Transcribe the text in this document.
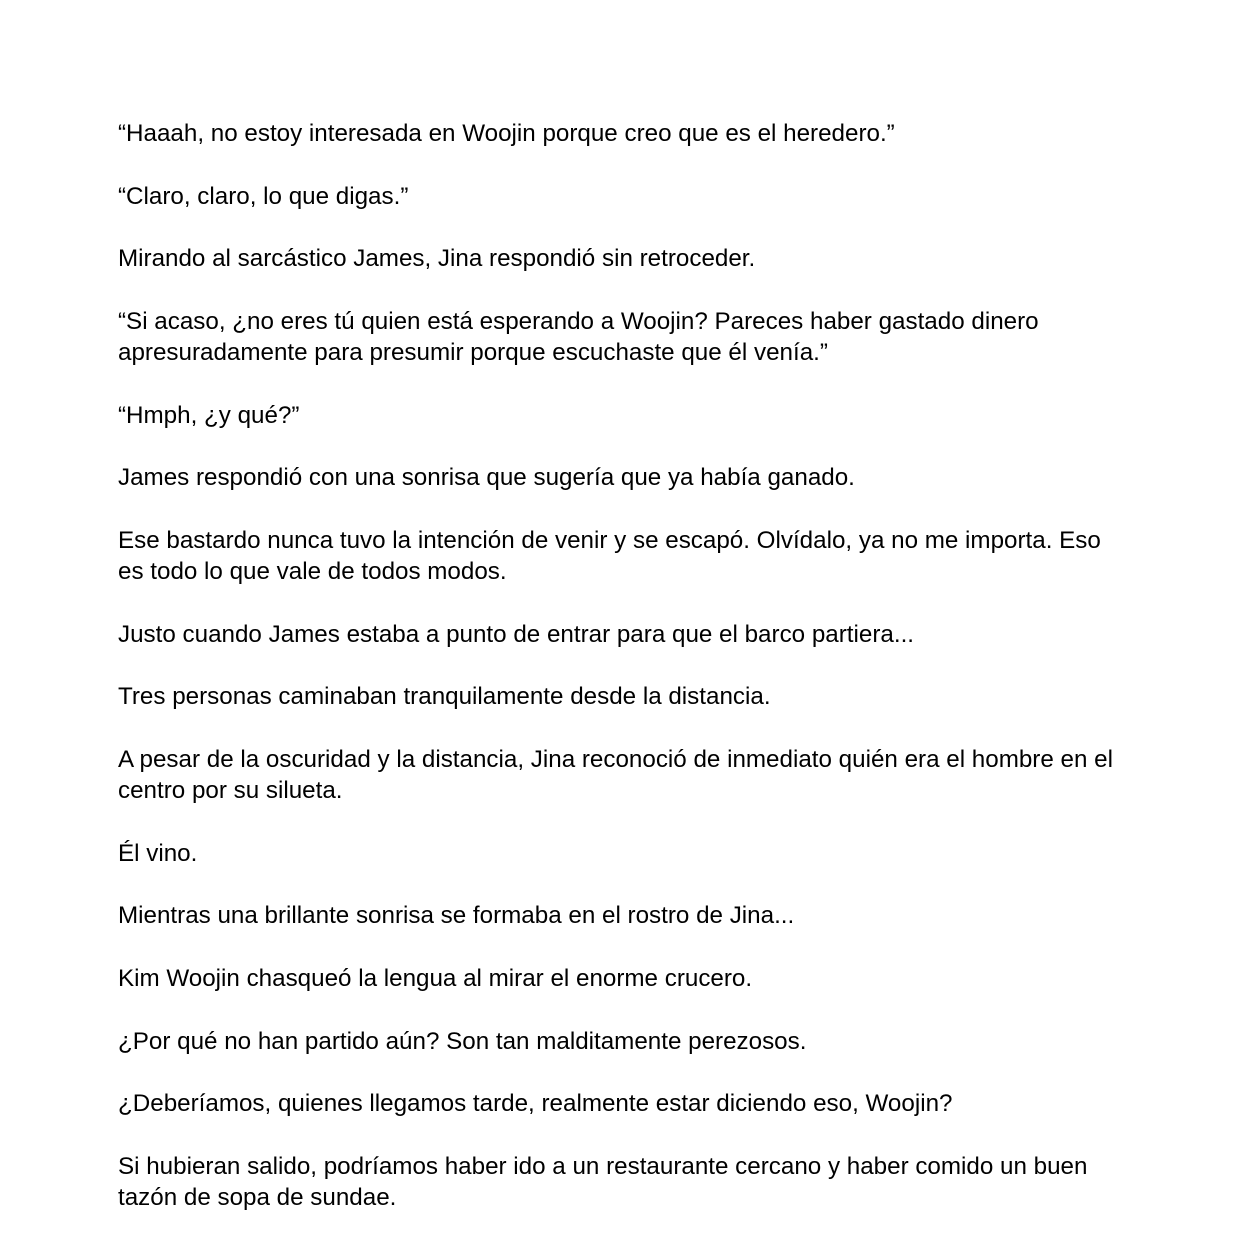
“Haaah, no estoy interesada en Woojin porque creo que es el heredero.”

“Claro, claro, lo que digas.”

Mirando al sarcástico James, Jina respondió sin retroceder.

“Si acaso, ¿no eres tú quien está esperando a Woojin? Pareces haber gastado dinero apresuradamente para presumir porque escuchaste que él venía.”

“Hmph, ¿y qué?”

James respondió con una sonrisa que sugería que ya había ganado.

Ese bastardo nunca tuvo la intención de venir y se escapó. Olvídalo, ya no me importa. Eso es todo lo que vale de todos modos.

Justo cuando James estaba a punto de entrar para que el barco partiera...

Tres personas caminaban tranquilamente desde la distancia.

A pesar de la oscuridad y la distancia, Jina reconoció de inmediato quién era el hombre en el centro por su silueta.

Él vino.

Mientras una brillante sonrisa se formaba en el rostro de Jina...

Kim Woojin chasqueó la lengua al mirar el enorme crucero.

¿Por qué no han partido aún? Son tan malditamente perezosos.

¿Deberíamos, quienes llegamos tarde, realmente estar diciendo eso, Woojin?

Si hubieran salido, podríamos haber ido a un restaurante cercano y haber comido un buen tazón de sopa de sundae.
